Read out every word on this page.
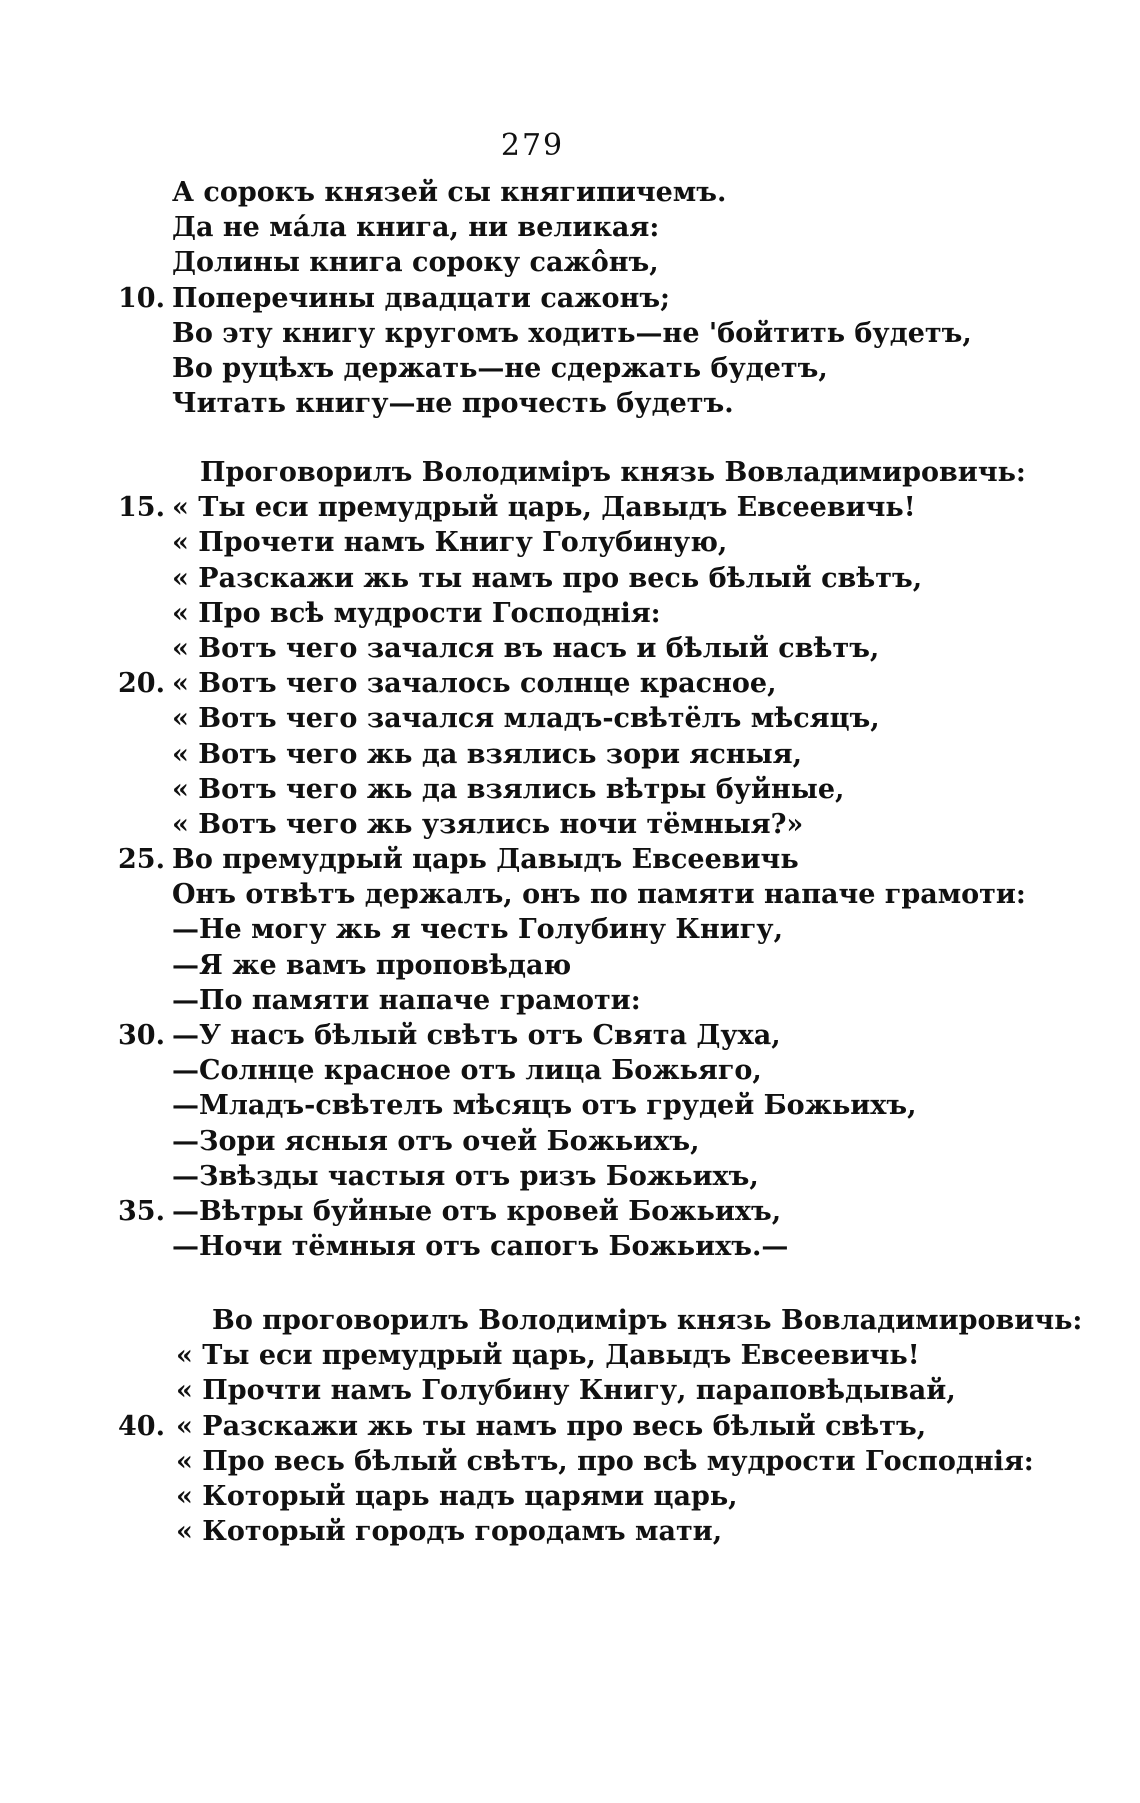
279
А сорокъ князей сы княгипичемъ.
Да не мáла книга, ни великая:
Долины книга сороку сажо̂нъ,
10. Поперечины двадцати сажонъ;
Во эту книгу кругомъ ходить—не 'бойтить будетъ,
Во руцѣхъ держать—не сдержать будетъ,
Читать книгу—не прочесть будетъ.
Проговорилъ Володимiръ князь Вовладимировичь:
15. « Ты еси премудрый царь, Давыдъ Евсеевичь!
« Прочети намъ Книгу Голубиную,
« Разскажи жь ты намъ про весь бѣлый свѣтъ,
« Про всѣ мудрости Господнiя:
« Вотъ чего зачался въ насъ и бѣлый свѣтъ,
20. « Вотъ чего зачалось солнце красное,
« Вотъ чего зачался младъ-свѣтёлъ мѣсяцъ,
« Вотъ чего жь да взялись зори ясныя,
« Вотъ чего жь да взялись вѣтры буйные,
« Вотъ чего жь узялись ночи тёмныя?»
25. Во премудрый царь Давыдъ Евсеевичь
Онъ отвѣтъ держалъ, онъ по памяти напаче грамоти:
—Не могу жь я честь Голубину Книгу,
—Я же вамъ проповѣдаю
—По памяти напаче грамоти:
30. —У насъ бѣлый свѣтъ отъ Свята Духа,
—Солнце красное отъ лица Божьяго,
—Младъ-свѣтелъ мѣсяцъ отъ грудей Божьихъ,
—Зори ясныя отъ очей Божьихъ,
—Звѣзды частыя отъ ризъ Божьихъ,
35. —Вѣтры буйные отъ кровей Божьихъ,
—Ночи тёмныя отъ сапогъ Божьихъ.—
Во проговорилъ Володимiръ князь Вовладимировичь:
« Ты еси премудрый царь, Давыдъ Евсеевичь!
« Прочти намъ Голубину Книгу, параповѣдывай,
40. « Разскажи жь ты намъ про весь бѣлый свѣтъ,
« Про весь бѣлый свѣтъ, про всѣ мудрости Господнiя:
« Который царь надъ царями царь,
« Который городъ городамъ мати,
